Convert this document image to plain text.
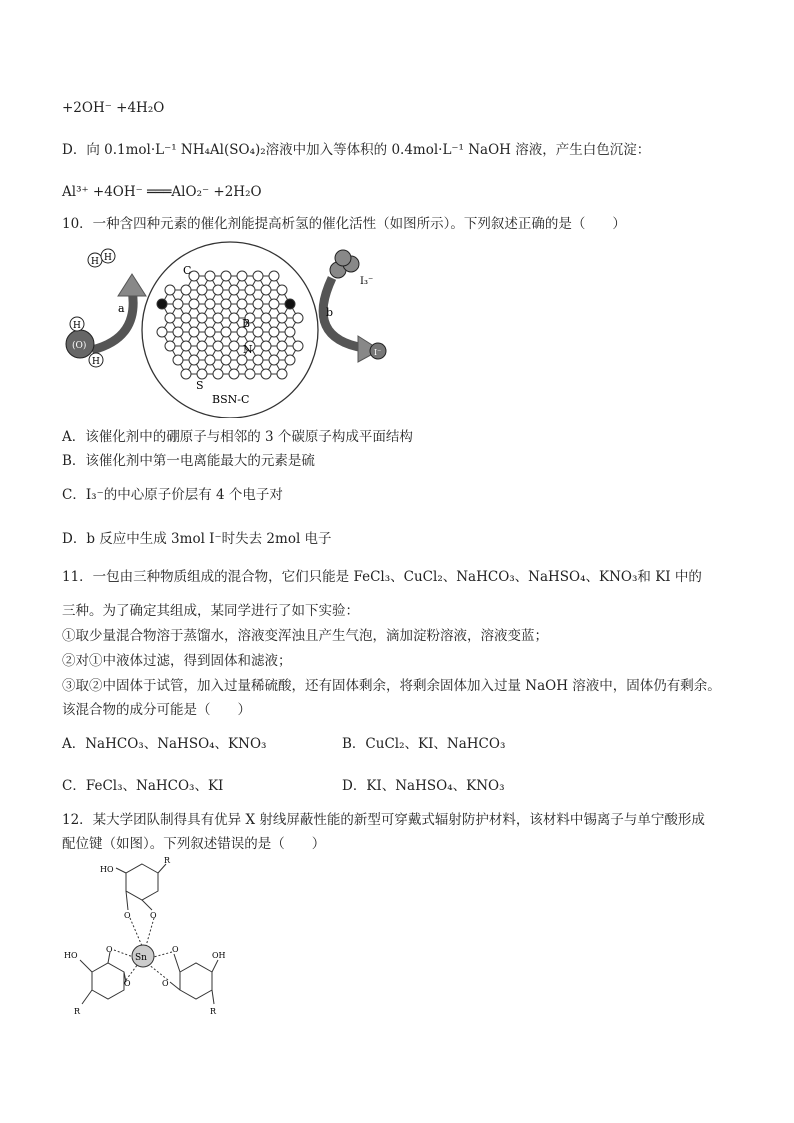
+2OH⁻ +4H₂O
D．向 0.1mol·L⁻¹ NH₄Al(SO₄)₂溶液中加入等体积的 0.4mol·L⁻¹ NaOH 溶液，产生白色沉淀：
Al³⁺ +4OH⁻ ═══AlO₂⁻ +2H₂O
10．一种含四种元素的催化剂能提高析氢的催化活性（如图所示）。下列叙述正确的是（　　）
C
B
N
S
BSN-C
a
(O)
H
H
H H
b
I₃⁻
I⁻
A．该催化剂中的硼原子与相邻的 3 个碳原子构成平面结构
B．该催化剂中第一电离能最大的元素是硫
C．I₃⁻的中心原子价层有 4 个电子对
D．b 反应中生成 3mol I⁻时失去 2mol 电子
11．一包由三种物质组成的混合物，它们只能是 FeCl₃、CuCl₂、NaHCO₃、NaHSO₄、KNO₃和 KI 中的
三种。为了确定其组成，某同学进行了如下实验：
①取少量混合物溶于蒸馏水，溶液变浑浊且产生气泡，滴加淀粉溶液，溶液变蓝；
②对①中液体过滤，得到固体和滤液；
③取②中固体于试管，加入过量稀硫酸，还有固体剩余，将剩余固体加入过量 NaOH 溶液中，固体仍有剩余。
该混合物的成分可能是（　　）
A．NaHCO₃、NaHSO₄、KNO₃	B．CuCl₂、KI、NaHCO₃
C．FeCl₃、NaHCO₃、KI	D．KI、NaHSO₄、KNO₃
12．某大学团队制得具有优异 X 射线屏蔽性能的新型可穿戴式辐射防护材料，该材料中锡离子与单宁酸形成
配位键（如图）。下列叙述错误的是（　　）
Sn
R
HO
O O
HO
O
O
R
OH
O
O
R
